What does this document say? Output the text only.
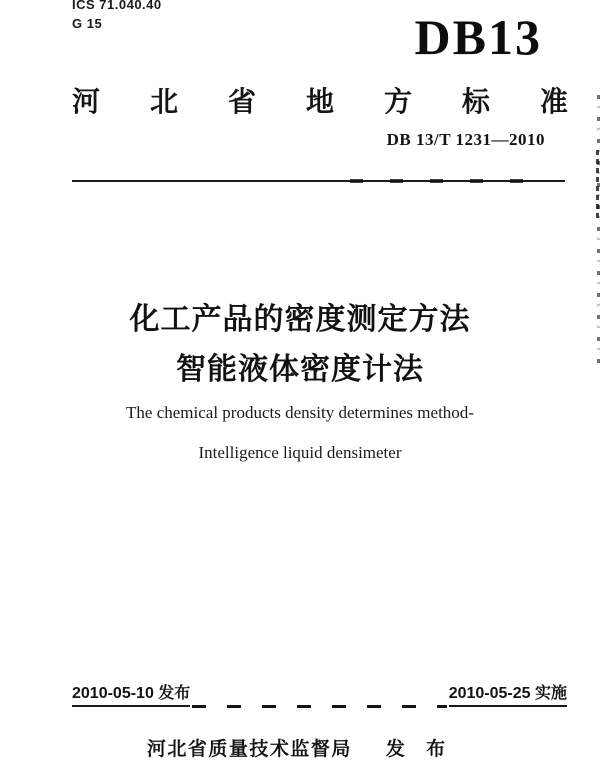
ICS 71.040.40
G 15	DB13
河 北 省 地 方 标 准
DB 13/T 1231—2010
化工产品的密度测定方法
智能液体密度计法
The chemical products density determines method-
Intelligence liquid densimeter
2010-05-10 发布	2010-05-25 实施
河北省质量技术监督局 发 布
